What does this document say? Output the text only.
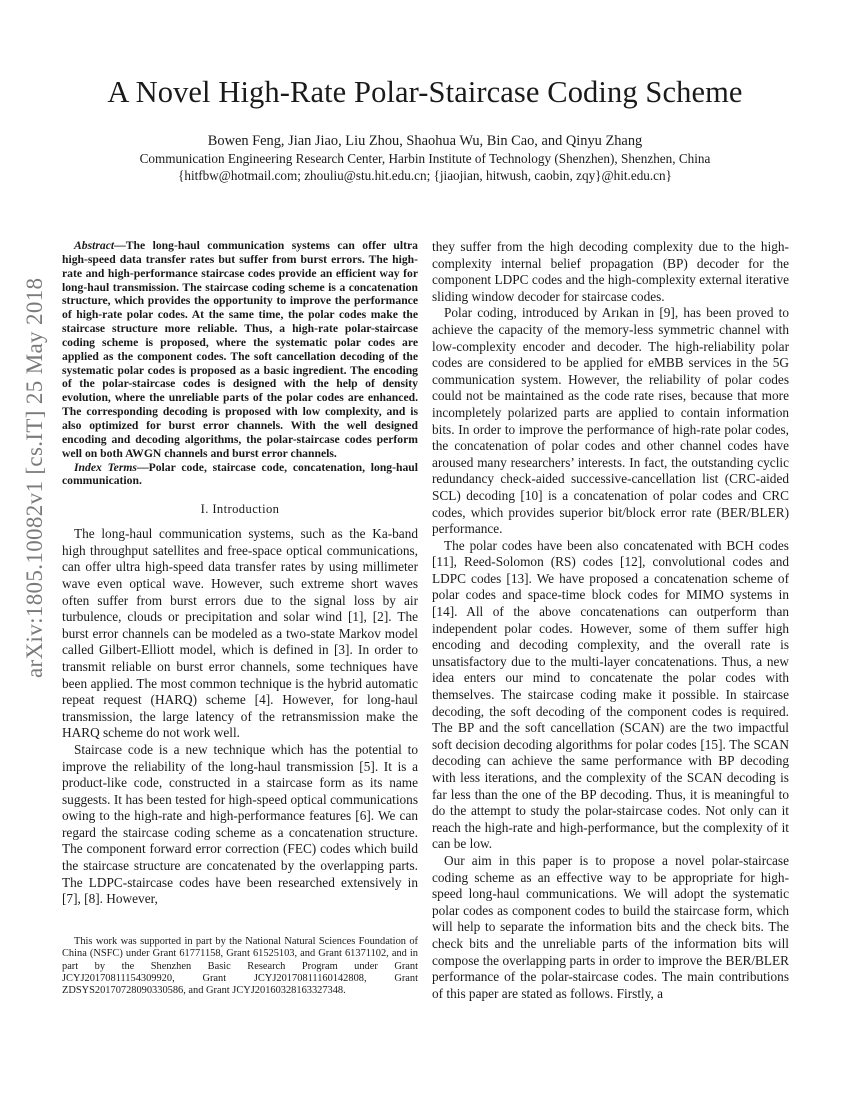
A Novel High-Rate Polar-Staircase Coding Scheme
Bowen Feng, Jian Jiao, Liu Zhou, Shaohua Wu, Bin Cao, and Qinyu Zhang
Communication Engineering Research Center, Harbin Institute of Technology (Shenzhen), Shenzhen, China
{hitfbw@hotmail.com; zhouliu@stu.hit.edu.cn; {jiaojian, hitwush, caobin, zqy}@hit.edu.cn}
arXiv:1805.10082v1 [cs.IT] 25 May 2018

Abstract—The long-haul communication systems can offer ultra high-speed data transfer rates but suffer from burst errors. The high-rate and high-performance staircase codes provide an efficient way for long-haul transmission. The staircase coding scheme is a concatenation structure, which provides the opportunity to improve the performance of high-rate polar codes. At the same time, the polar codes make the staircase structure more reliable. Thus, a high-rate polar-staircase coding scheme is proposed, where the systematic polar codes are applied as the component codes. The soft cancellation decoding of the systematic polar codes is proposed as a basic ingredient. The encoding of the polar-staircase codes is designed with the help of density evolution, where the unreliable parts of the polar codes are enhanced. The corresponding decoding is proposed with low complexity, and is also optimized for burst error channels. With the well designed encoding and decoding algorithms, the polar-staircase codes perform well on both AWGN channels and burst error channels.

Index Terms—Polar code, staircase code, concatenation, long-haul communication.

I. Introduction

The long-haul communication systems, such as the Ka-band high throughput satellites and free-space optical communications, can offer ultra high-speed data transfer rates by using millimeter wave even optical wave. However, such extreme short waves often suffer from burst errors due to the signal loss by air turbulence, clouds or precipitation and solar wind [1], [2]. The burst error channels can be modeled as a two-state Markov model called Gilbert-Elliott model, which is defined in [3]. In order to transmit reliable on burst error channels, some techniques have been applied. The most common technique is the hybrid automatic repeat request (HARQ) scheme [4]. However, for long-haul transmission, the large latency of the retransmission make the HARQ scheme do not work well.

Staircase code is a new technique which has the potential to improve the reliability of the long-haul transmission [5]. It is a product-like code, constructed in a staircase form as its name suggests. It has been tested for high-speed optical communications owing to the high-rate and high-performance features [6]. We can regard the staircase coding scheme as a concatenation structure. The component forward error correction (FEC) codes which build the staircase structure are concatenated by the overlapping parts. The LDPC-staircase codes have been researched extensively in [7], [8]. However,

This work was supported in part by the National Natural Sciences Foundation of China (NSFC) under Grant 61771158, Grant 61525103, and Grant 61371102, and in part by the Shenzhen Basic Research Program under Grant JCYJ20170811154309920, Grant JCYJ20170811160142808, Grant ZDSYS20170728090330586, and Grant JCYJ20160328163327348.

they suffer from the high decoding complexity due to the high-complexity internal belief propagation (BP) decoder for the component LDPC codes and the high-complexity external iterative sliding window decoder for staircase codes.

Polar coding, introduced by Arıkan in [9], has been proved to achieve the capacity of the memory-less symmetric channel with low-complexity encoder and decoder. The high-reliability polar codes are considered to be applied for eMBB services in the 5G communication system. However, the reliability of polar codes could not be maintained as the code rate rises, because that more incompletely polarized parts are applied to contain information bits. In order to improve the performance of high-rate polar codes, the concatenation of polar codes and other channel codes have aroused many researchers’ interests. In fact, the outstanding cyclic redundancy check-aided successive-cancellation list (CRC-aided SCL) decoding [10] is a concatenation of polar codes and CRC codes, which provides superior bit/block error rate (BER/BLER) performance.

The polar codes have been also concatenated with BCH codes [11], Reed-Solomon (RS) codes [12], convolutional codes and LDPC codes [13]. We have proposed a concatenation scheme of polar codes and space-time block codes for MIMO systems in [14]. All of the above concatenations can outperform than independent polar codes. However, some of them suffer high encoding and decoding complexity, and the overall rate is unsatisfactory due to the multi-layer concatenations. Thus, a new idea enters our mind to concatenate the polar codes with themselves. The staircase coding make it possible. In staircase decoding, the soft decoding of the component codes is required. The BP and the soft cancellation (SCAN) are the two impactful soft decision decoding algorithms for polar codes [15]. The SCAN decoding can achieve the same performance with BP decoding with less iterations, and the complexity of the SCAN decoding is far less than the one of the BP decoding. Thus, it is meaningful to do the attempt to study the polar-staircase codes. Not only can it reach the high-rate and high-performance, but the complexity of it can be low.

Our aim in this paper is to propose a novel polar-staircase coding scheme as an effective way to be appropriate for high-speed long-haul communications. We will adopt the systematic polar codes as component codes to build the staircase form, which will help to separate the information bits and the check bits. The check bits and the unreliable parts of the information bits will compose the overlapping parts in order to improve the BER/BLER performance of the polar-staircase codes. The main contributions of this paper are stated as follows. Firstly, a
